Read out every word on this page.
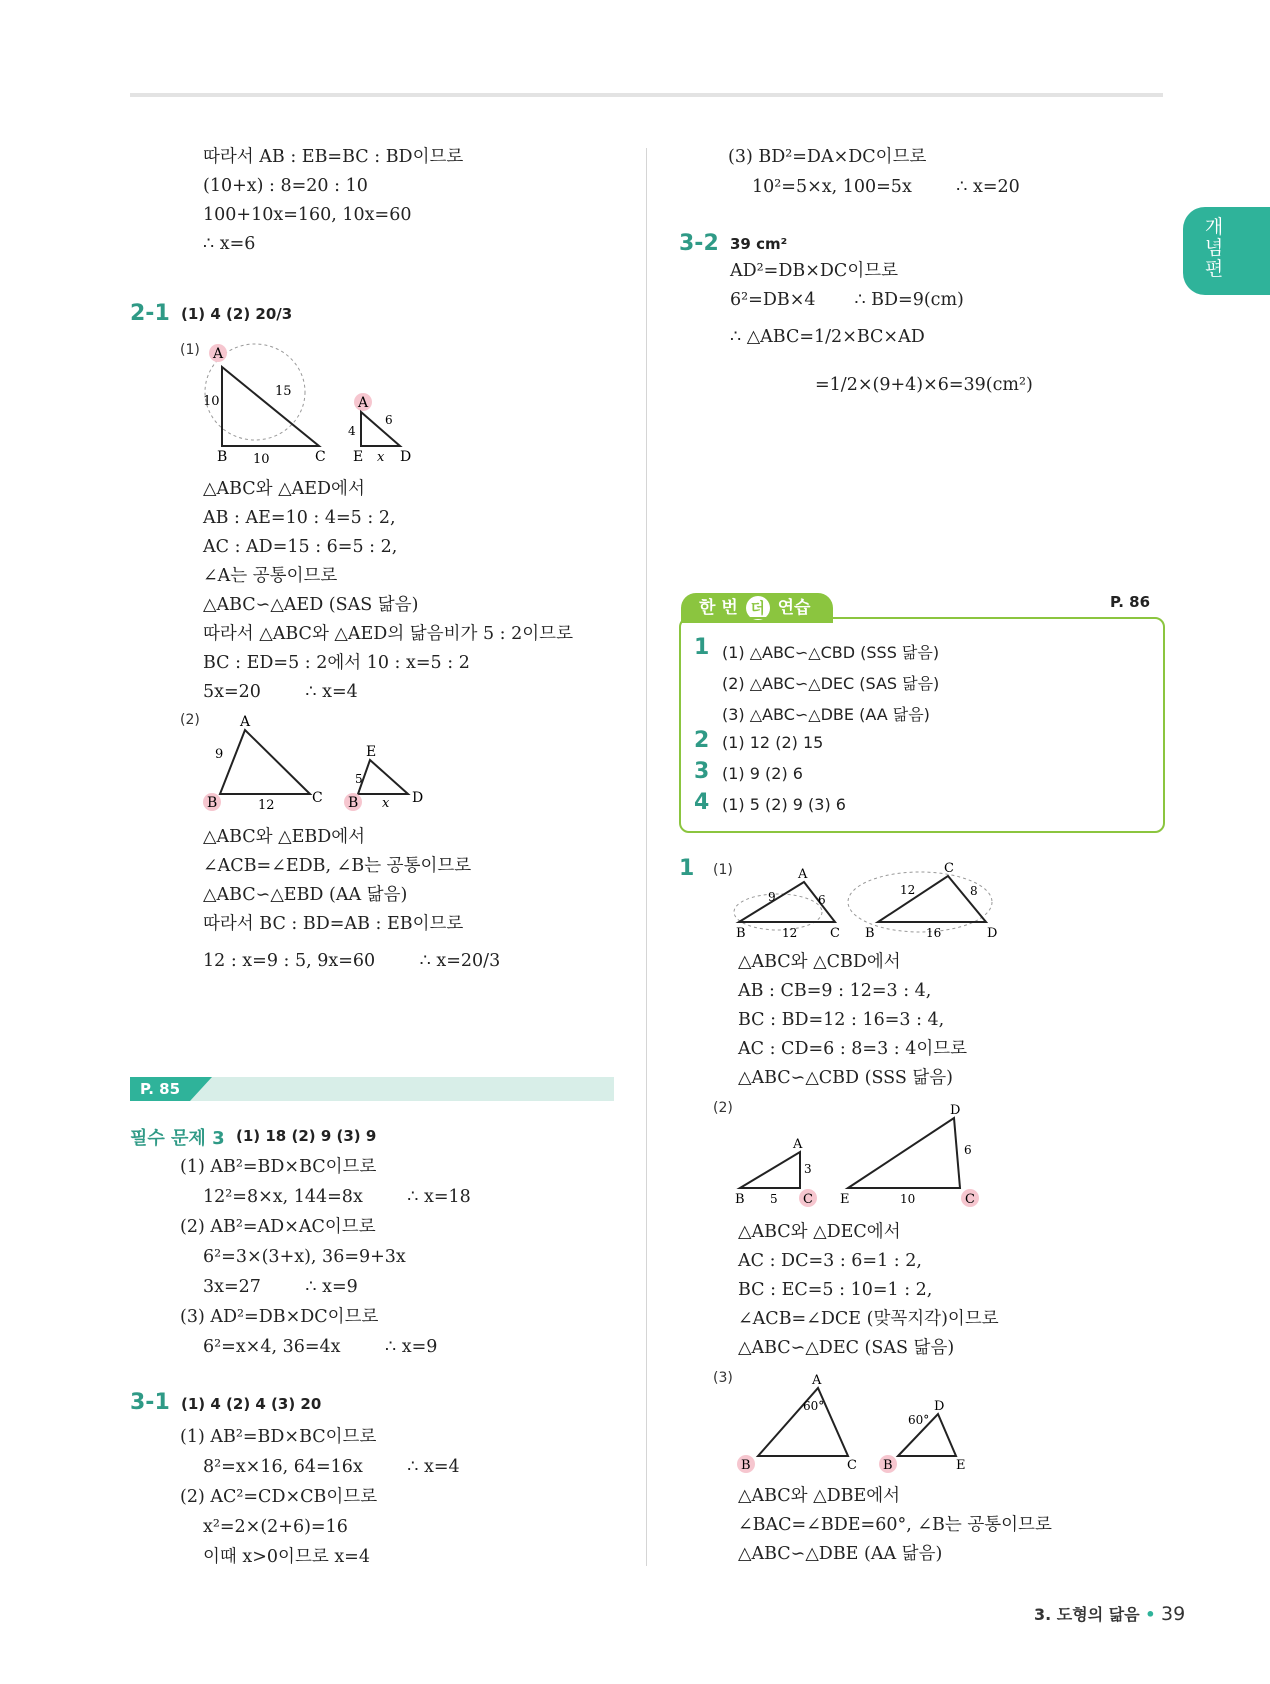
개념편
따라서 AB : EB=BC : BD이므로
(10+x) : 8=20 : 10
100+10x=160, 10x=60
∴ x=6
2-1 (1) 4 (2) 20/3
(1) A
10
15
10
B	C
A
4
6
x
E	D
△ABC와 △AED에서
AB : AE=10 : 4=5 : 2,
AC : AD=15 : 6=5 : 2,
∠A는 공통이므로
△ABC∽△AED (SAS 닮음)
따라서 △ABC와 △AED의 닮음비가 5 : 2이므로
BC : ED=5 : 2에서 10 : x=5 : 2
5x=20        ∴ x=4
(2)	A
9
12
B	C
E
5
x
B	D
△ABC와 △EBD에서
∠ACB=∠EDB, ∠B는 공통이므로
△ABC∽△EBD (AA 닮음)
따라서 BC : BD=AB : EB이므로
12 : x=9 : 5, 9x=60        ∴ x=20/3
P. 85
필수 문제 3 (1) 18 (2) 9 (3) 9
(1) AB²=BD×BC이므로
12²=8×x, 144=8x        ∴ x=18
(2) AB²=AD×AC이므로
6²=3×(3+x), 36=9+3x
3x=27        ∴ x=9
(3) AD²=DB×DC이므로
6²=x×4, 36=4x        ∴ x=9
3-1 (1) 4 (2) 4 (3) 20
(1) AB²=BD×BC이므로
8²=x×16, 64=16x        ∴ x=4
(2) AC²=CD×CB이므로
x²=2×(2+6)=16
이때 x>0이므로 x=4
(3) BD²=DA×DC이므로
10²=5×x, 100=5x        ∴ x=20
3-2 39 cm²
AD²=DB×DC이므로
6²=DB×4       ∴ BD=9(cm)
∴ △ABC=1/2×BC×AD
=1/2×(9+4)×6=39(cm²)
한 번 더 연습	P. 86
1 (1) △ABC∽△CBD (SSS 닮음)
(2) △ABC∽△DEC (SAS 닮음)
(3) △ABC∽△DBE (AA 닮음)
2 (1) 12 (2) 15
3 (1) 9 (2) 6
4 (1) 5 (2) 9 (3) 6
1 (1)	A
9	6
12
B	C
C
12	8
16
B	D
△ABC와 △CBD에서
AB : CB=9 : 12=3 : 4,
BC : BD=12 : 16=3 : 4,
AC : CD=6 : 8=3 : 4이므로
△ABC∽△CBD (SSS 닮음)
(2)
A
3
5
B	C
D
6
10
E	C
△ABC와 △DEC에서
AC : DC=3 : 6=1 : 2,
BC : EC=5 : 10=1 : 2,
∠ACB=∠DCE (맞꼭지각)이므로
△ABC∽△DEC (SAS 닮음)
(3)	A
60°
B	C
D
60°
B	E
△ABC와 △DBE에서
∠BAC=∠BDE=60°, ∠B는 공통이므로
△ABC∽△DBE (AA 닮음)
3. 도형의 닮음 • 39
